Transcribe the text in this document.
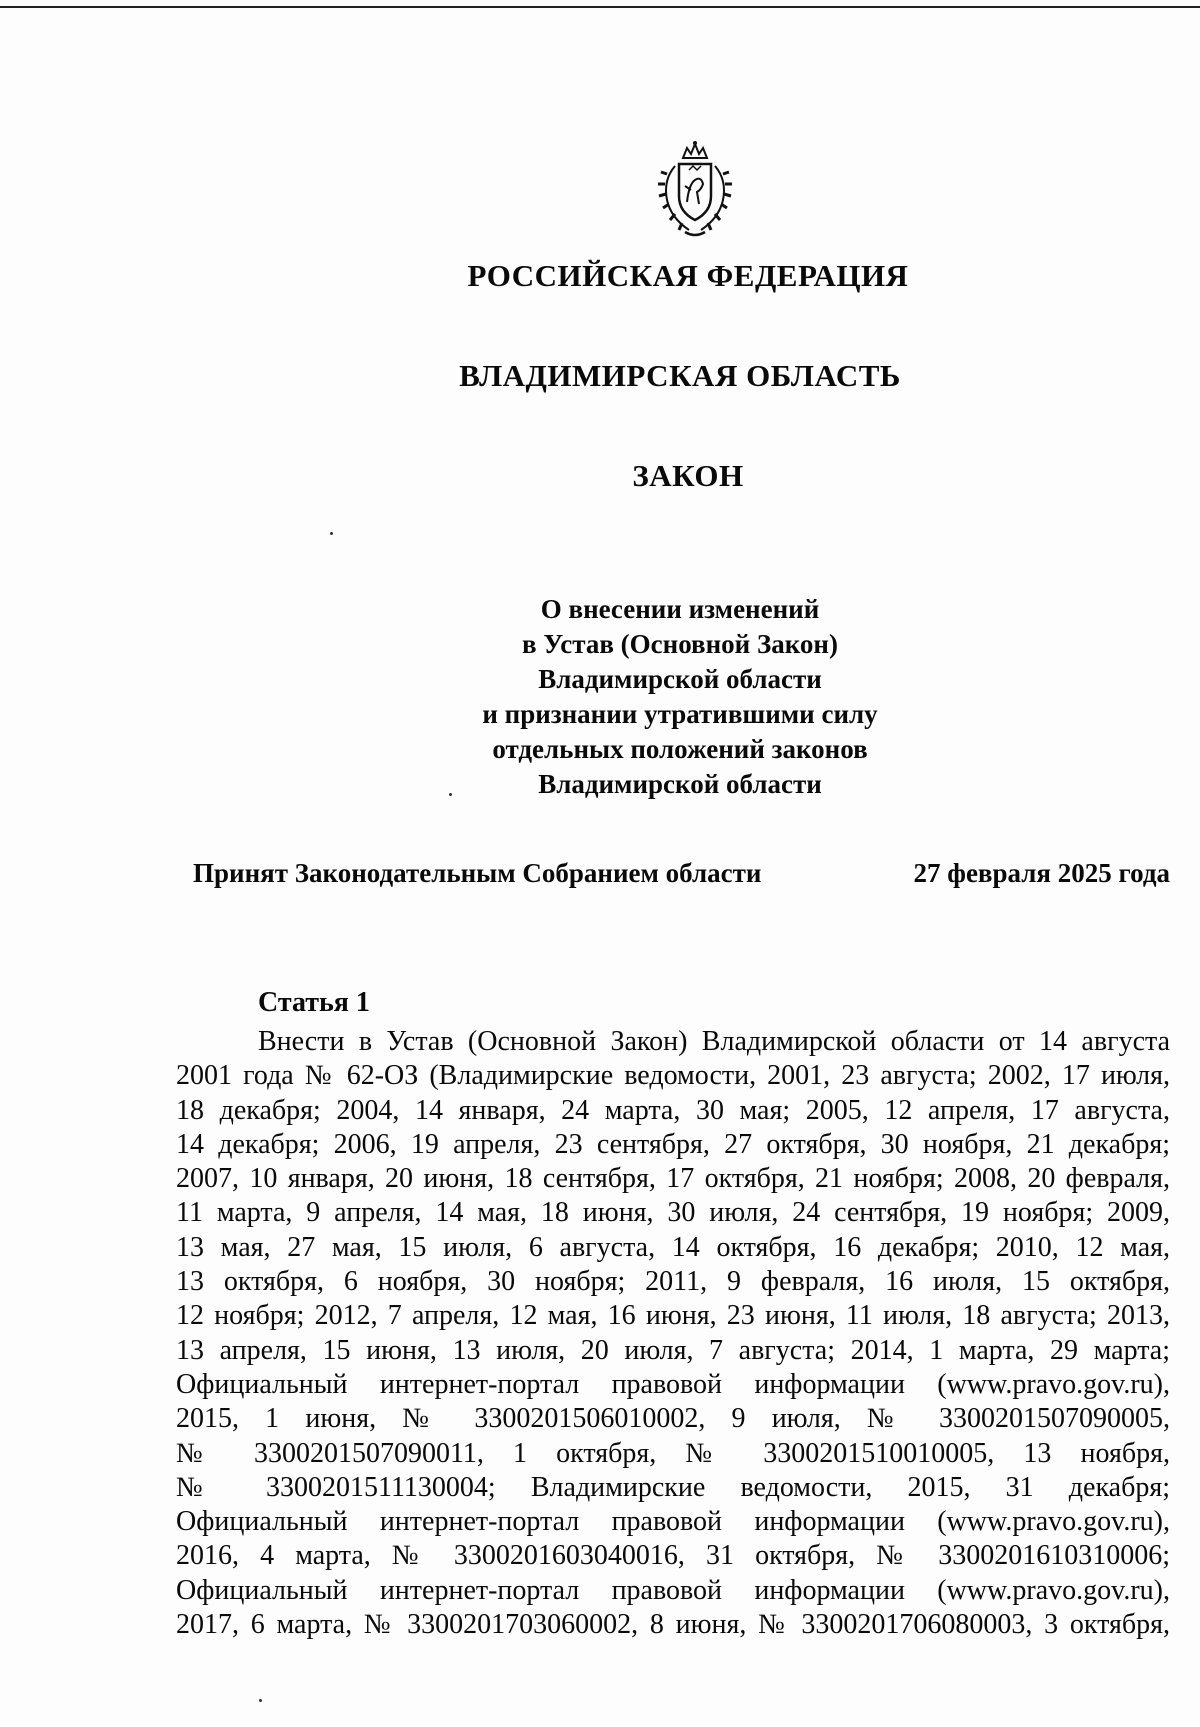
РОССИЙСКАЯ ФЕДЕРАЦИЯ
ВЛАДИМИРСКАЯ ОБЛАСТЬ
ЗАКОН
О внесении изменений
в Устав (Основной Закон)
Владимирской области
и признании утратившими силу
отдельных положений законов
Владимирской области
Принят Законодательным Собранием области	27 февраля 2025 года
Статья 1
Внести в Устав (Основной Закон) Владимирской области от 14 августа
2001 года № 62-ОЗ (Владимирские ведомости, 2001, 23 августа; 2002, 17 июля,
18 декабря; 2004, 14 января, 24 марта, 30 мая; 2005, 12 апреля, 17 августа,
14 декабря; 2006, 19 апреля, 23 сентября, 27 октября, 30 ноября, 21 декабря;
2007, 10 января, 20 июня, 18 сентября, 17 октября, 21 ноября; 2008, 20 февраля,
11 марта, 9 апреля, 14 мая, 18 июня, 30 июля, 24 сентября, 19 ноября; 2009,
13 мая, 27 мая, 15 июля, 6 августа, 14 октября, 16 декабря; 2010, 12 мая,
13 октября, 6 ноября, 30 ноября; 2011, 9 февраля, 16 июля, 15 октября,
12 ноября; 2012, 7 апреля, 12 мая, 16 июня, 23 июня, 11 июля, 18 августа; 2013,
13 апреля, 15 июня, 13 июля, 20 июля, 7 августа; 2014, 1 марта, 29 марта;
Официальный интернет-портал правовой информации (www.pravo.gov.ru),
2015, 1 июня, № 3300201506010002, 9 июля, № 3300201507090005,
№ 3300201507090011, 1 октября, № 3300201510010005, 13 ноября,
№ 3300201511130004; Владимирские ведомости, 2015, 31 декабря;
Официальный интернет-портал правовой информации (www.pravo.gov.ru),
2016, 4 марта, № 3300201603040016, 31 октября, № 3300201610310006;
Официальный интернет-портал правовой информации (www.pravo.gov.ru),
2017, 6 марта, № 3300201703060002, 8 июня, № 3300201706080003, 3 октября,
